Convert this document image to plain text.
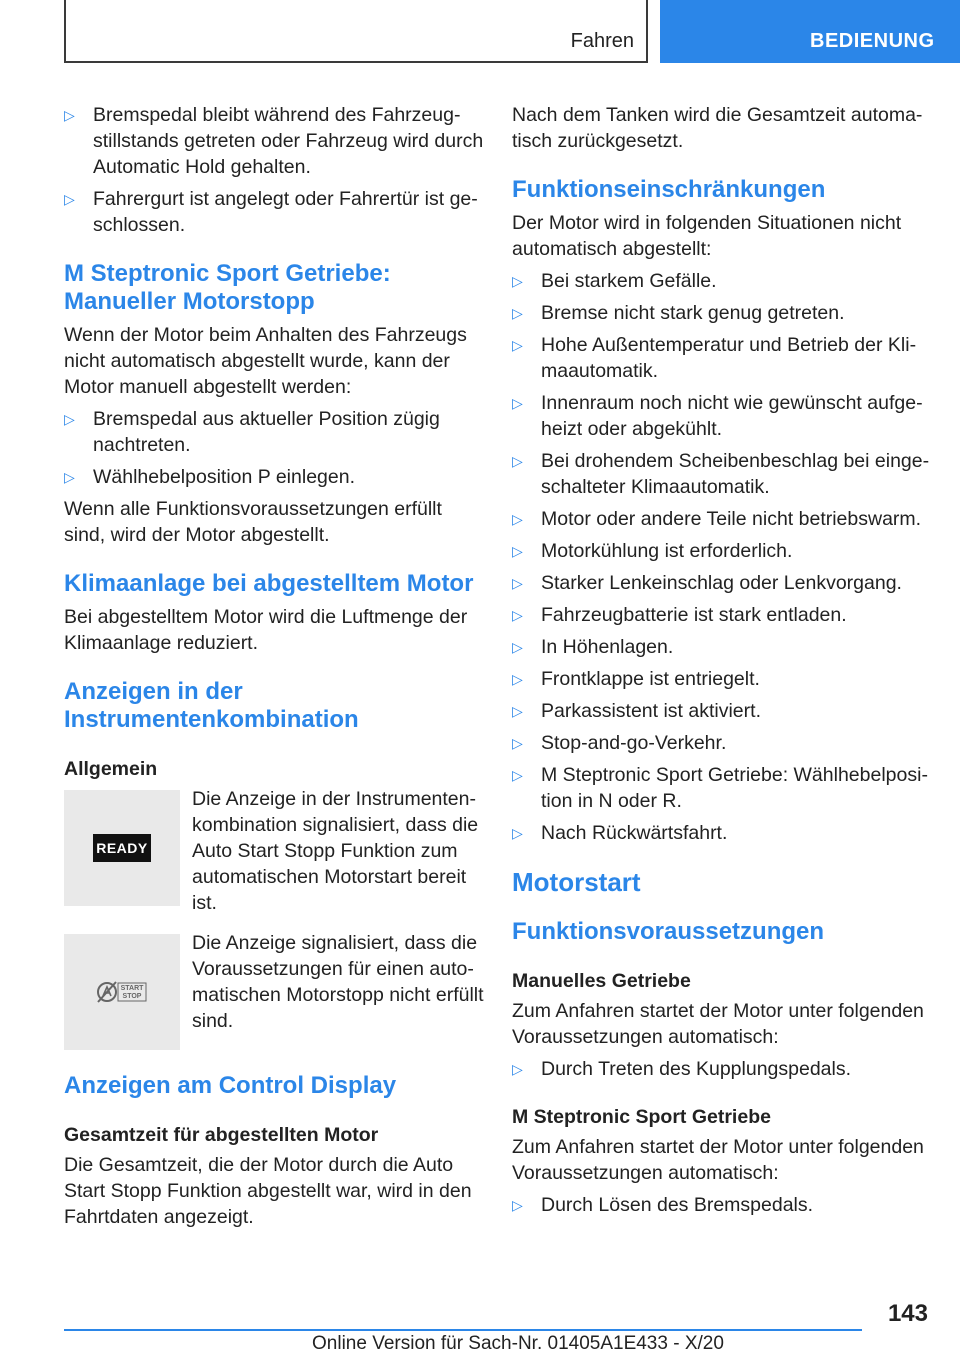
Fahren	BEDIENUNG
▷ Bremspedal bleibt während des Fahrzeugstillstands getreten oder Fahrzeug wird durch Automatic Hold gehalten.
▷ Fahrergurt ist angelegt oder Fahrertür ist geschlossen.
M Steptronic Sport Getriebe: Manueller Motorstopp

Wenn der Motor beim Anhalten des Fahrzeugs nicht automatisch abgestellt wurde, kann der Motor manuell abgestellt werden:

▷ Bremspedal aus aktueller Position zügig nachtreten.
▷ Wählhebelposition P einlegen.

Wenn alle Funktionsvoraussetzungen erfüllt sind, wird der Motor abgestellt.

Klimaanlage bei abgestelltem Motor

Bei abgestelltem Motor wird die Luftmenge der Klimaanlage reduziert.

Anzeigen in der Instrumentenkombination
Allgemein
READY
Die Anzeige in der Instrumentenkombination signalisiert, dass die Auto Start Stopp Funktion zum automatischen Motorstart bereit ist.
START
STOP
Die Anzeige signalisiert, dass die Voraussetzungen für einen automatischen Motorstopp nicht erfüllt sind.
Anzeigen am Control Display
Gesamtzeit für abgestellten Motor

Die Gesamtzeit, die der Motor durch die Auto Start Stopp Funktion abgestellt war, wird in den Fahrtdaten angezeigt.

Nach dem Tanken wird die Gesamtzeit automatisch zurückgesetzt.

Funktionseinschränkungen

Der Motor wird in folgenden Situationen nicht automatisch abgestellt:

▷ Bei starkem Gefälle.
▷ Bremse nicht stark genug getreten.
▷ Hohe Außentemperatur und Betrieb der Klimaautomatik.
▷ Innenraum noch nicht wie gewünscht aufgeheizt oder abgekühlt.
▷ Bei drohendem Scheibenbeschlag bei eingeschalteter Klimaautomatik.
▷ Motor oder andere Teile nicht betriebswarm.
▷ Motorkühlung ist erforderlich.
▷ Starker Lenkeinschlag oder Lenkvorgang.
▷ Fahrzeugbatterie ist stark entladen.
▷ In Höhenlagen.
▷ Frontklappe ist entriegelt.
▷ Parkassistent ist aktiviert.
▷ Stop-and-go-Verkehr.
▷ M Steptronic Sport Getriebe: Wählhebelposition in N oder R.
▷ Nach Rückwärtsfahrt.
Motorstart
Funktionsvoraussetzungen
Manuelles Getriebe

Zum Anfahren startet der Motor unter folgenden Voraussetzungen automatisch:

▷ Durch Treten des Kupplungspedals.
M Steptronic Sport Getriebe

Zum Anfahren startet der Motor unter folgenden Voraussetzungen automatisch:

▷ Durch Lösen des Bremspedals.
143
Online Version für Sach-Nr. 01405A1E433 - X/20
